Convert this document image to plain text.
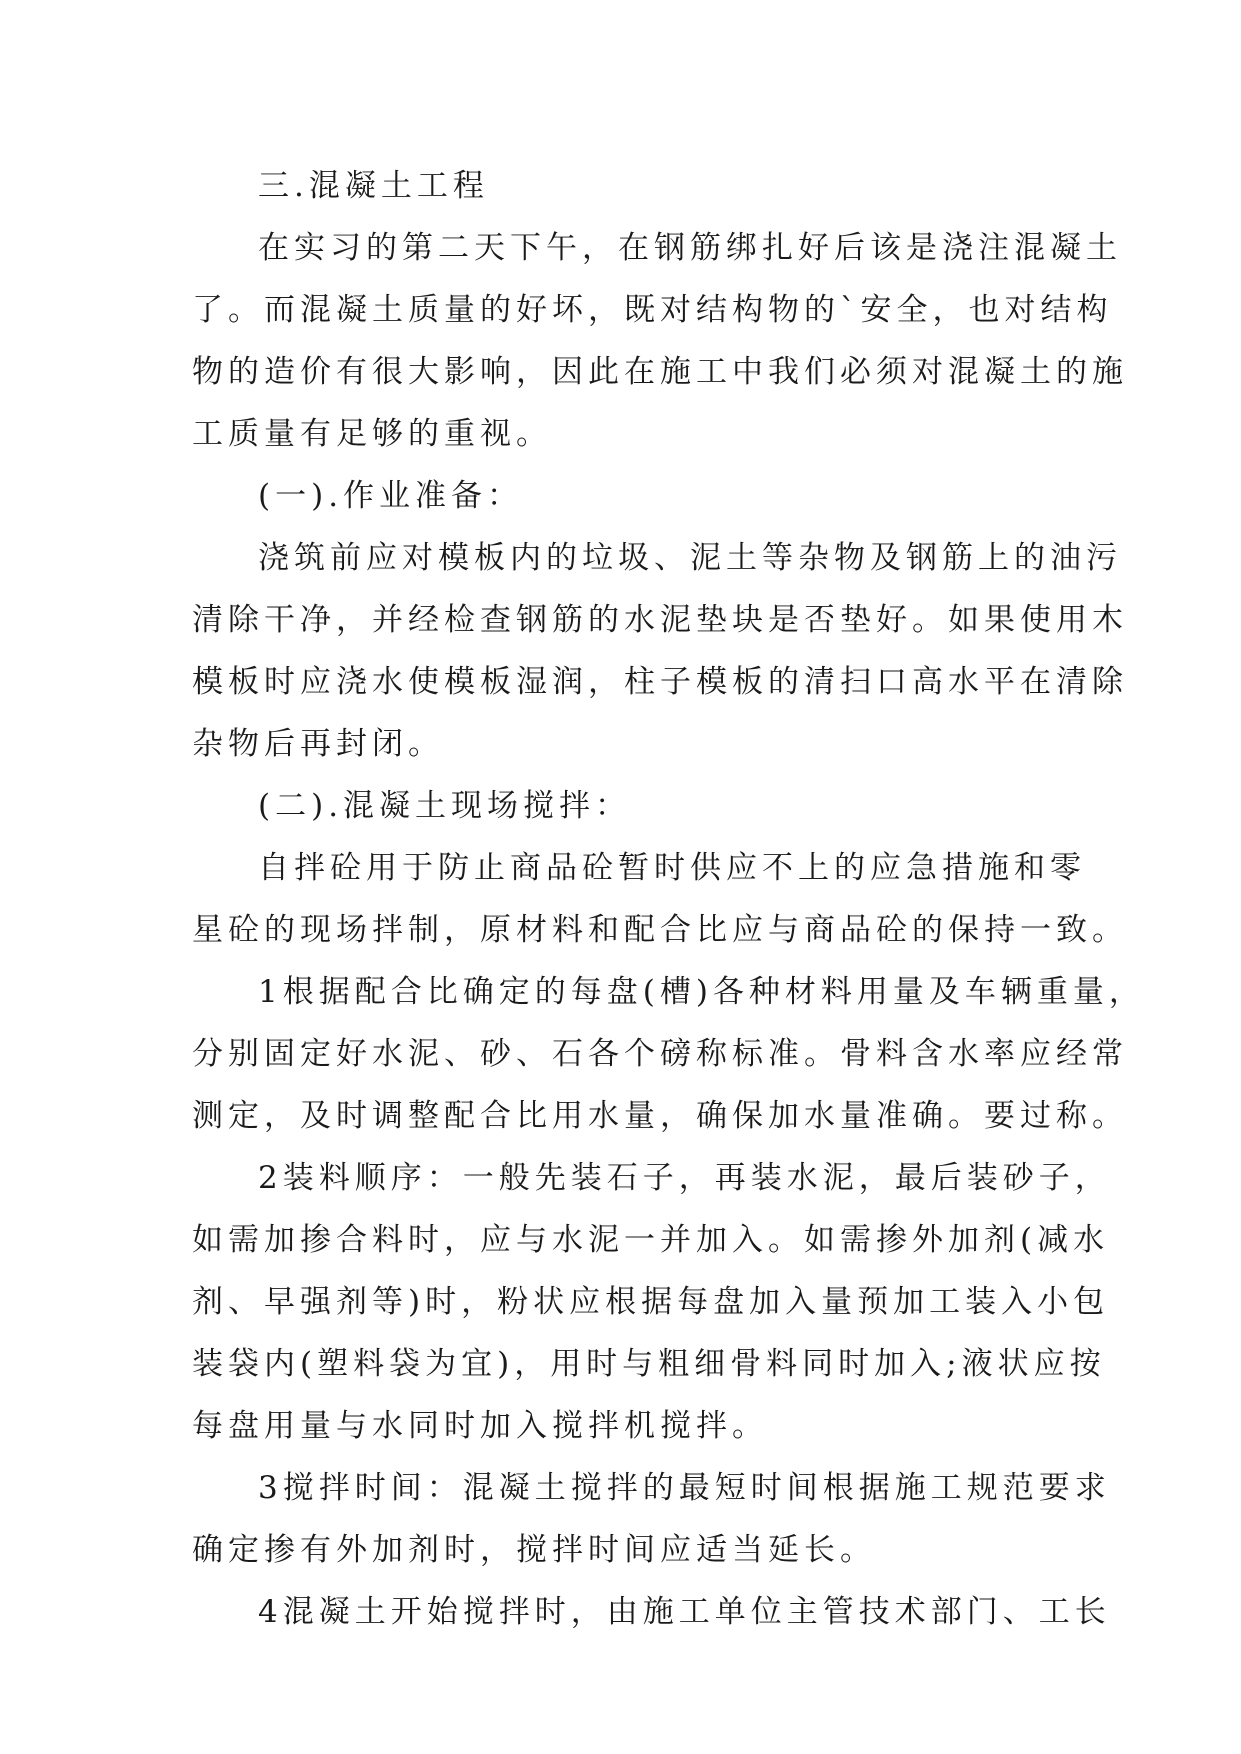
三.混凝土工程
在实习的第二天下午，在钢筋绑扎好后该是浇注混凝土
了。而混凝土质量的好坏，既对结构物的`安全，也对结构
物的造价有很大影响，因此在施工中我们必须对混凝土的施
工质量有足够的重视。
(一).作业准备：
浇筑前应对模板内的垃圾、泥土等杂物及钢筋上的油污
清除干净，并经检查钢筋的水泥垫块是否垫好。如果使用木
模板时应浇水使模板湿润，柱子模板的清扫口高水平在清除
杂物后再封闭。
(二).混凝土现场搅拌：
自拌砼用于防止商品砼暂时供应不上的应急措施和零
星砼的现场拌制，原材料和配合比应与商品砼的保持一致。
1根据配合比确定的每盘(槽)各种材料用量及车辆重量，
分别固定好水泥、砂、石各个磅称标准。骨料含水率应经常
测定，及时调整配合比用水量，确保加水量准确。要过称。
2装料顺序：一般先装石子，再装水泥，最后装砂子，
如需加掺合料时，应与水泥一并加入。如需掺外加剂(减水
剂、早强剂等)时，粉状应根据每盘加入量预加工装入小包
装袋内(塑料袋为宜)，用时与粗细骨料同时加入;液状应按
每盘用量与水同时加入搅拌机搅拌。
3搅拌时间：混凝土搅拌的最短时间根据施工规范要求
确定掺有外加剂时，搅拌时间应适当延长。
4混凝土开始搅拌时，由施工单位主管技术部门、工长
